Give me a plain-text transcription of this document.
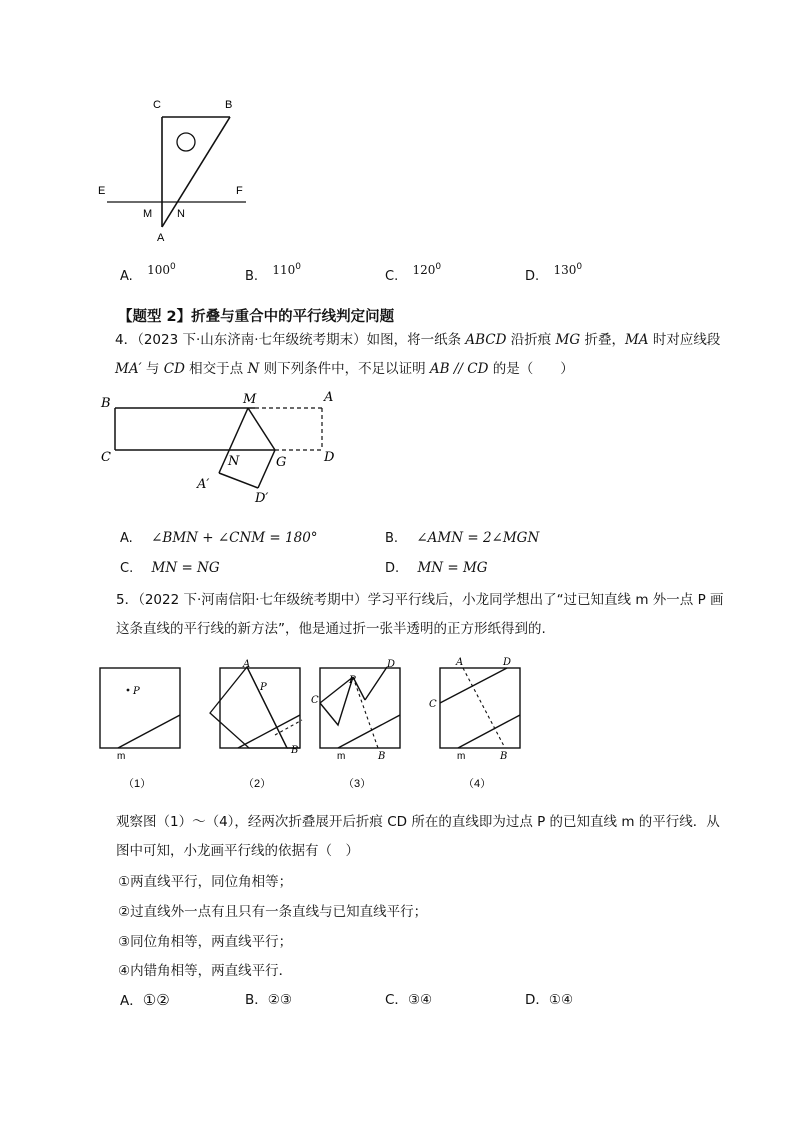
C	B
E	F
M N
A
A. $100^0$
B. $110^0$
C. $120^0$
D. $130^0$
【题型 2】折叠与重合中的平行线判定问题
4．（2023 下·山东济南·七年级统考期末）如图，将一纸条 ABCD 沿折痕 MG 折叠，MA 时对应线段
MA′ 与 CD 相交于点 N 则下列条件中，不足以证明 AB // CD 的是（　　）
B	M	A
C	N	G	D
A′
D′
A. ∠BMN + ∠CNM = 180°	B. ∠AMN = 2∠MGN
C. MN = NG	D. MN = MG
5．（2022 下·河南信阳·七年级统考期中）学习平行线后，小龙同学想出了“过已知直线 m 外一点 P 画
这条直线的平行线的新方法”，他是通过折一张半透明的正方形纸得到的.
P
m
A
P
B
D
P
C
m	B
A	D
C
m	B
（1）	（2）	（3）	（4）
观察图（1）～（4），经两次折叠展开后折痕 CD 所在的直线即为过点 P 的已知直线 m 的平行线．从
图中可知，小龙画平行线的依据有（　）
①两直线平行，同位角相等；
②过直线外一点有且只有一条直线与已知直线平行；
③同位角相等，两直线平行；
④内错角相等，两直线平行．
A．①②	B．②③	C．③④	D．①④
